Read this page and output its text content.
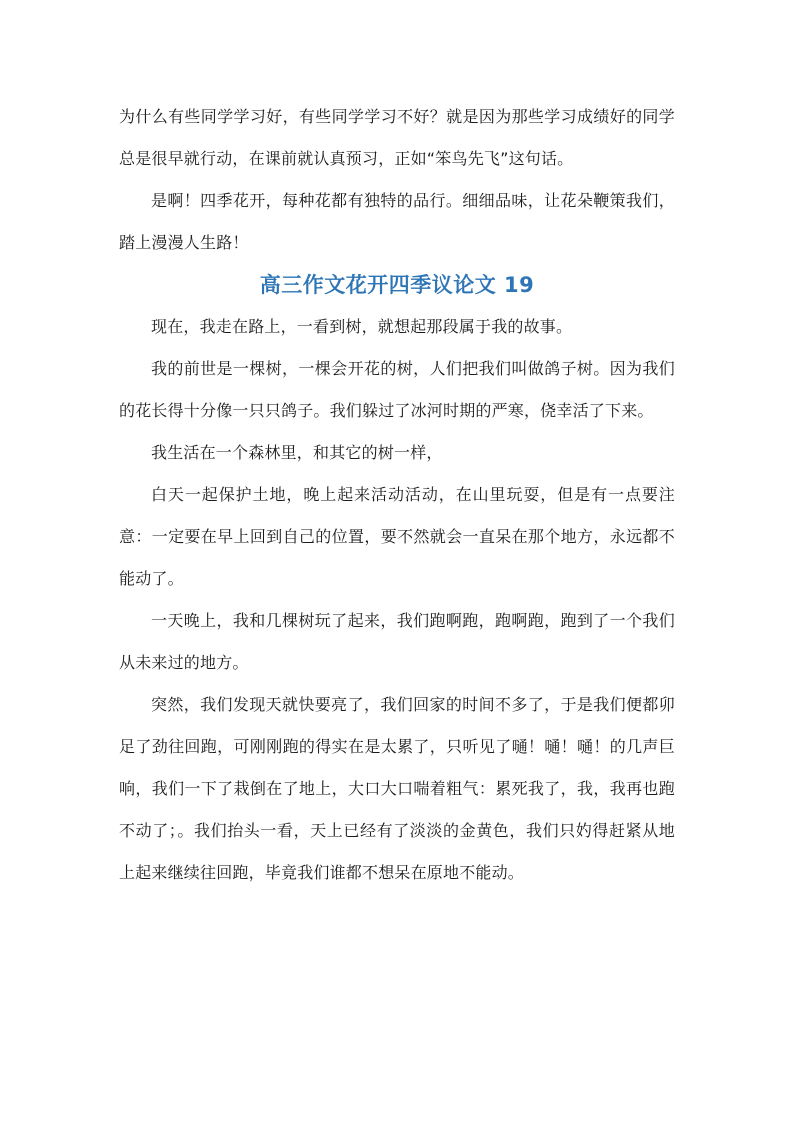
为什么有些同学学习好，有些同学学习不好？就是因为那些学习成绩好的同学总是很早就行动，在课前就认真预习，正如“笨鸟先飞”这句话。

是啊！四季花开，每种花都有独特的品行。细细品味，让花朵鞭策我们，踏上漫漫人生路！

高三作文花开四季议论文 19

现在，我走在路上，一看到树，就想起那段属于我的故事。

我的前世是一棵树，一棵会开花的树，人们把我们叫做鸽子树。因为我们的花长得十分像一只只鸽子。我们躲过了冰河时期的严寒，侥幸活了下来。

我生活在一个森林里，和其它的树一样，

白天一起保护土地，晚上起来活动活动，在山里玩耍，但是有一点要注意：一定要在早上回到自己的位置，要不然就会一直呆在那个地方，永远都不能动了。

一天晚上，我和几棵树玩了起来，我们跑啊跑，跑啊跑，跑到了一个我们从未来过的地方。

突然，我们发现天就快要亮了，我们回家的时间不多了，于是我们便都卯足了劲往回跑，可刚刚跑的得实在是太累了，只听见了嗵！嗵！嗵！的几声巨响，我们一下了栽倒在了地上，大口大口喘着粗气：累死我了，我，我再也跑不动了；。我们抬头一看，天上已经有了淡淡的金黄色，我们只妁得赶紧从地上起来继续往回跑，毕竟我们谁都不想呆在原地不能动。
